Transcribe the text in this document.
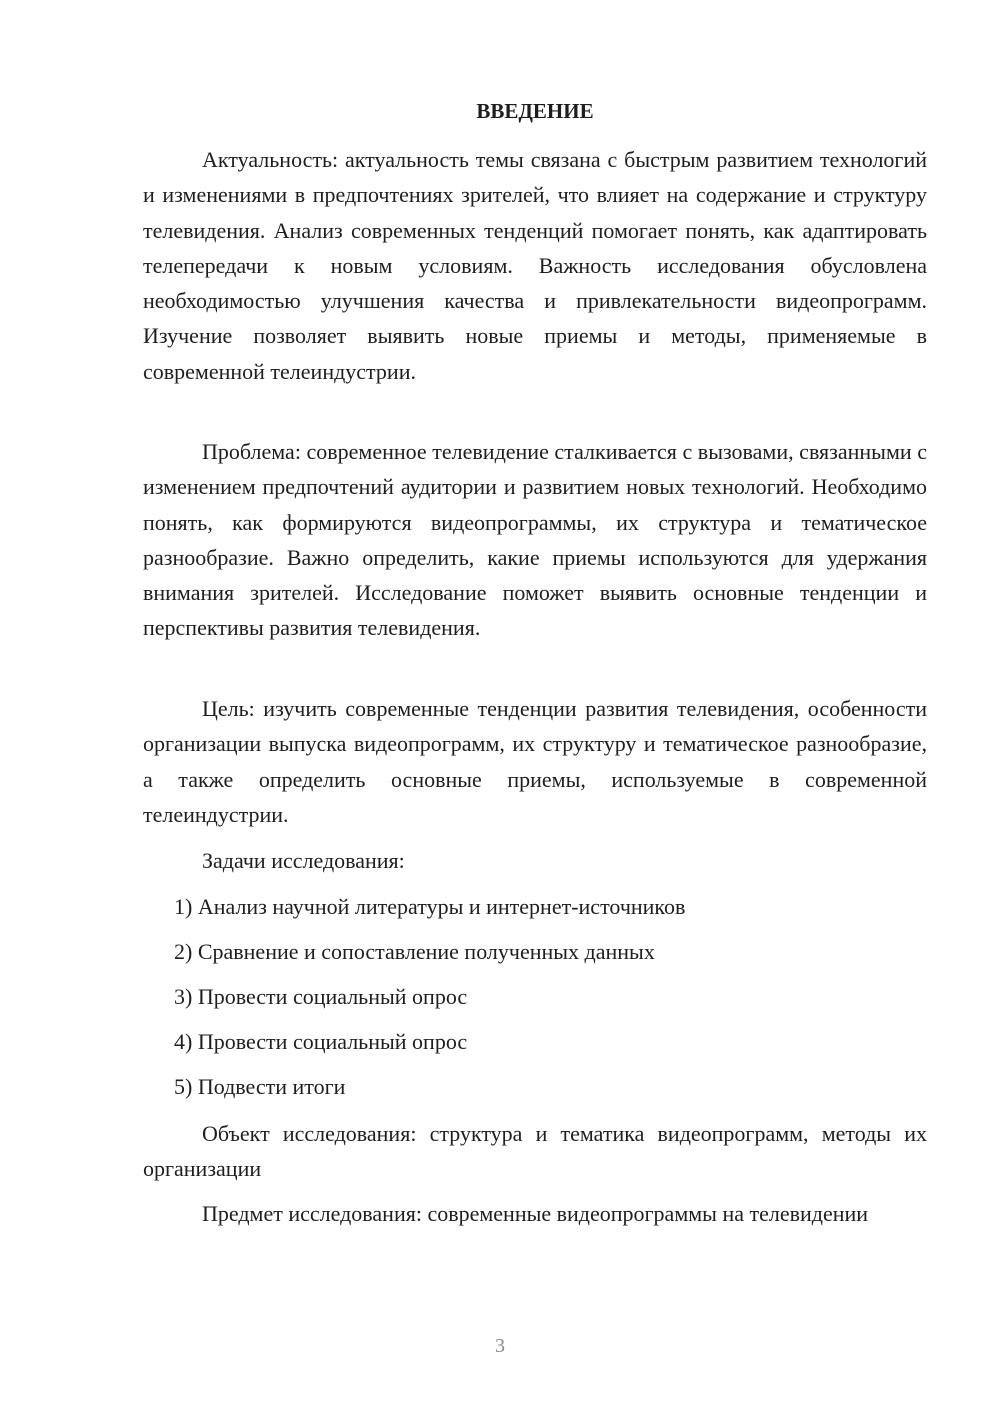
ВВЕДЕНИЕ

Актуальность: актуальность темы связана с быстрым развитием технологий и изменениями в предпочтениях зрителей, что влияет на содержание и структуру телевидения. Анализ современных тенденций помогает понять, как адаптировать телепередачи к новым условиям. Важность исследования обусловлена необходимостью улучшения качества и привлекательности видеопрограмм. Изучение позволяет выявить новые приемы и методы, применяемые в современной телеиндустрии.

Проблема: современное телевидение сталкивается с вызовами, связанными с изменением предпочтений аудитории и развитием новых технологий. Необходимо понять, как формируются видеопрограммы, их структура и тематическое разнообразие. Важно определить, какие приемы используются для удержания внимания зрителей. Исследование поможет выявить основные тенденции и перспективы развития телевидения.

Цель: изучить современные тенденции развития телевидения, особенности организации выпуска видеопрограмм, их структуру и тематическое разнообразие, а также определить основные приемы, используемые в современной телеиндустрии.

Задачи исследования:

1) Анализ научной литературы и интернет-источников

2) Сравнение и сопоставление полученных данных

3) Провести социальный опрос

4) Провести социальный опрос

5) Подвести итоги

Объект исследования: структура и тематика видеопрограмм, методы их организации

Предмет исследования: современные видеопрограммы на телевидении

3
